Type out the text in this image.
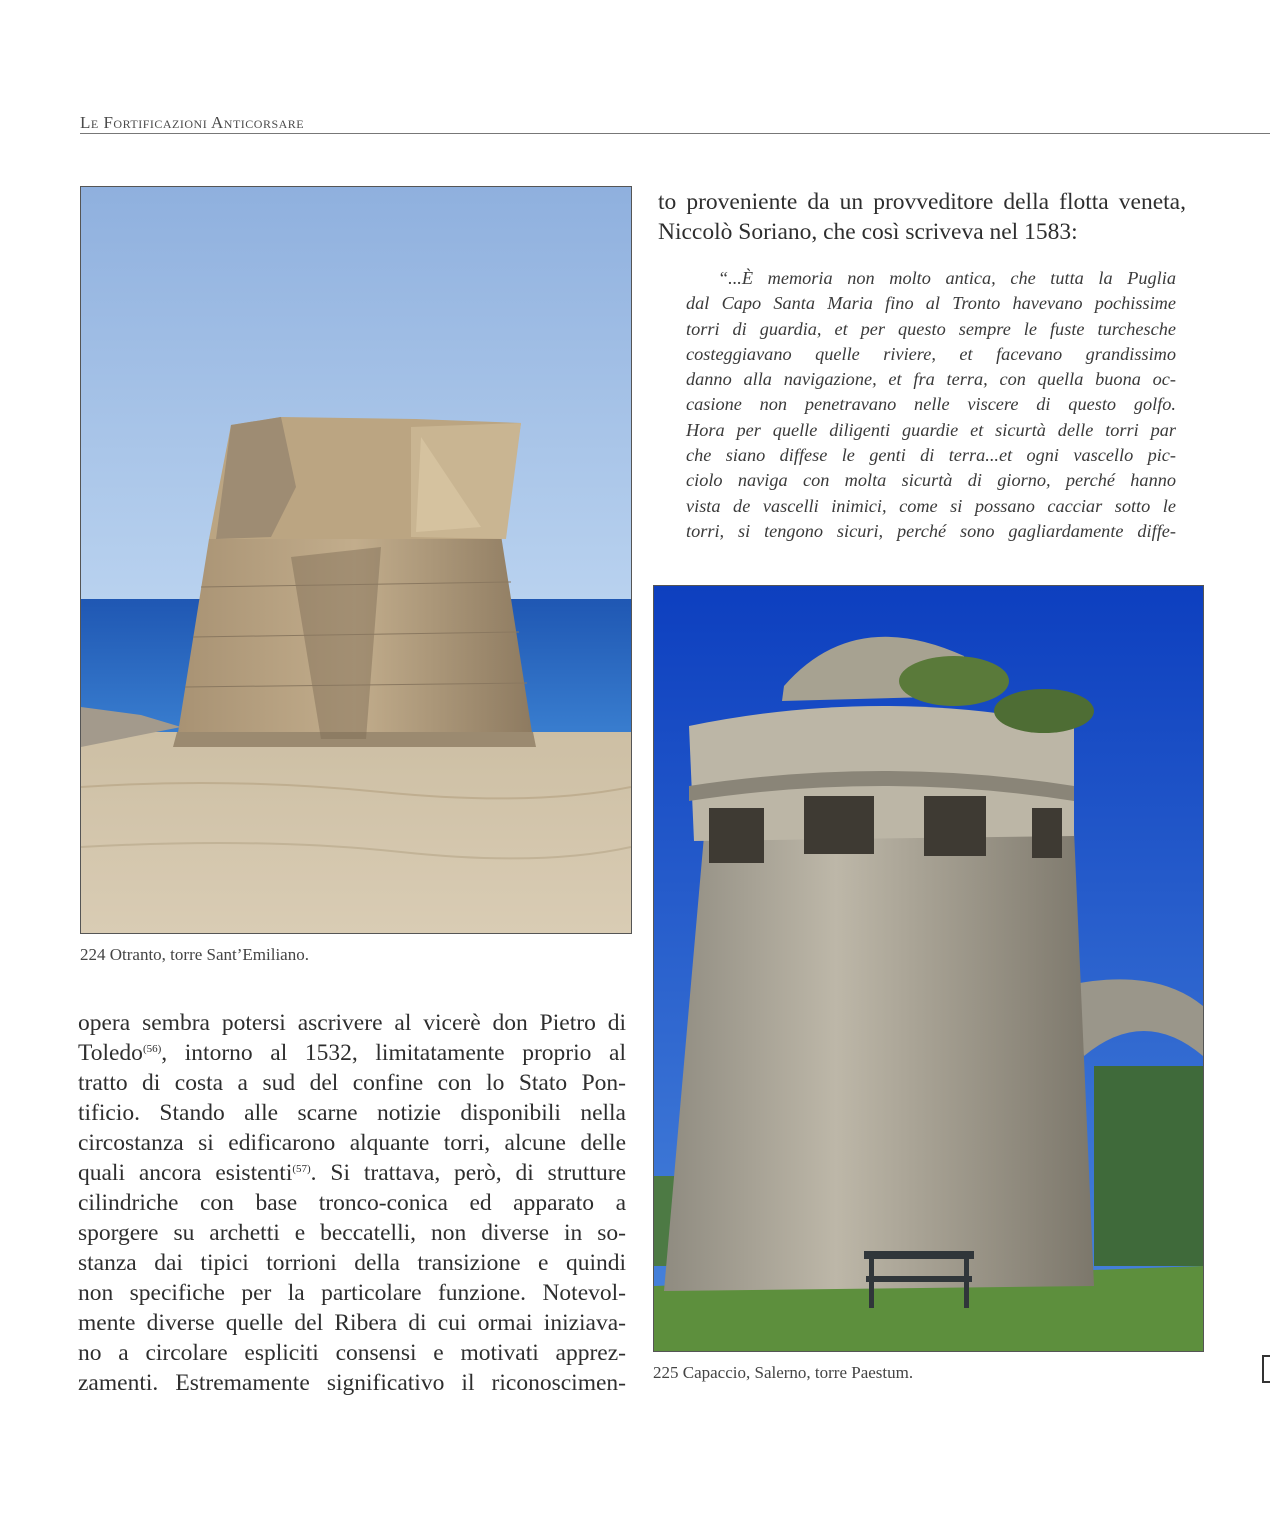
Le Fortificazioni Anticorsare
224 Otranto, torre Sant’Emiliano.
to proveniente da un provveditore della flotta veneta,
Niccolò Soriano, che così scriveva nel 1583:
“...È memoria non molto antica, che tutta la Puglia
dal Capo Santa Maria fino al Tronto havevano pochissime
torri di guardia, et per questo sempre le fuste turchesche
costeggiavano quelle riviere, et facevano grandissimo
danno alla navigazione, et fra terra, con quella buona oc-
casione non penetravano nelle viscere di questo golfo.
Hora per quelle diligenti guardie et sicurtà delle torri par
che siano diffese le genti di terra...et ogni vascello pic-
ciolo naviga con molta sicurtà di giorno, perché hanno
vista de vascelli inimici, come si possano cacciar sotto le
torri, si tengono sicuri, perché sono gagliardamente diffe-
225 Capaccio, Salerno, torre Paestum.
opera sembra potersi ascrivere al vicerè don Pietro di
Toledo$^{(56)}$, intorno al 1532, limitatamente proprio al
tratto di costa a sud del confine con lo Stato Pon-
tificio. Stando alle scarne notizie disponibili nella
circostanza si edificarono alquante torri, alcune delle
quali ancora esistenti$^{(57)}$. Si trattava, però, di strutture
cilindriche con base tronco-conica ed apparato a
sporgere su archetti e beccatelli, non diverse in so-
stanza dai tipici torrioni della transizione e quindi
non specifiche per la particolare funzione. Notevol-
mente diverse quelle del Ribera di cui ormai iniziava-
no a circolare espliciti consensi e motivati apprez-
zamenti. Estremamente significativo il riconoscimen-
